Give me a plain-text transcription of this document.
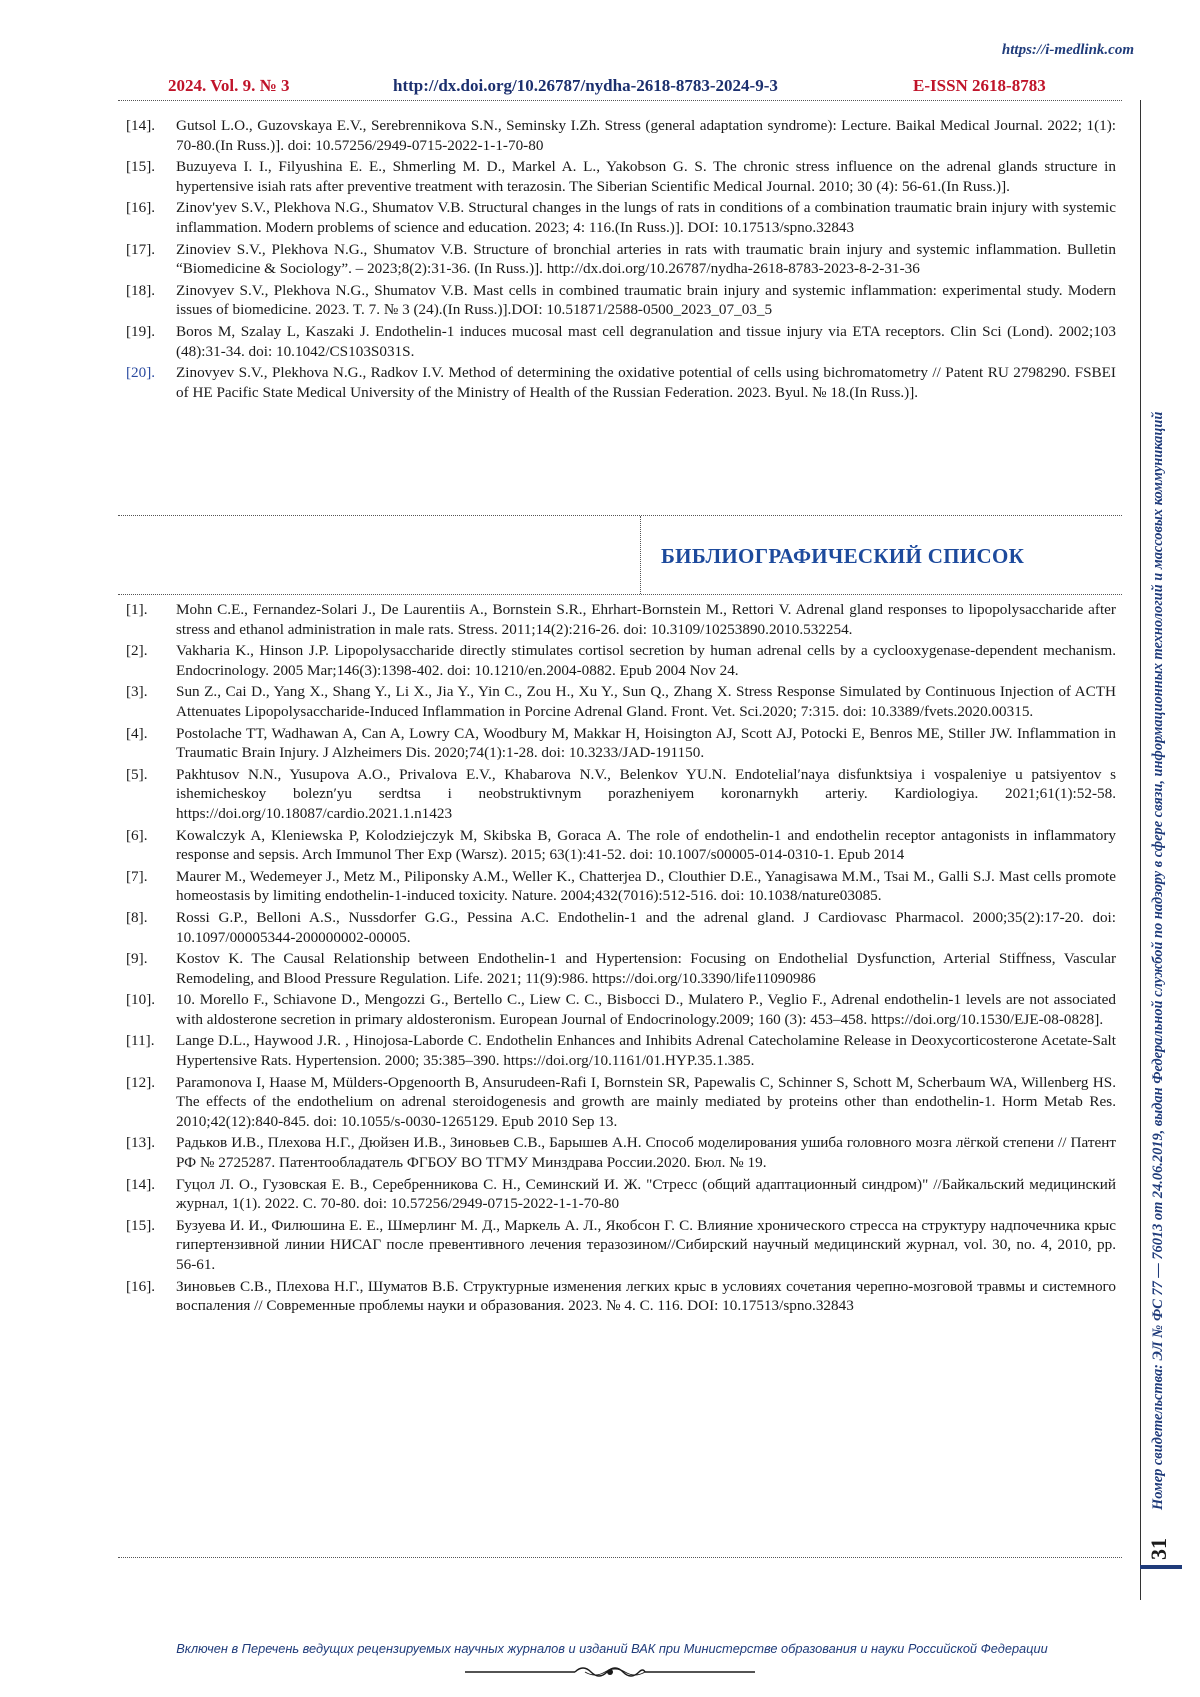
https://i-medlink.com
2024. Vol. 9. № 3	http://dx.doi.org/10.26787/nydha-2618-8783-2024-9-3	E-ISSN 2618-8783
[14].	Gutsol L.O., Guzovskaya E.V., Serebrennikova S.N., Seminsky I.Zh. Stress (general adaptation syndrome): Lecture. Baikal Medical Journal. 2022; 1(1): 70-80.(In Russ.)]. doi: 10.57256/2949-0715-2022-1-1-70-80
[15].	Buzuyeva I. I., Filyushina E. E., Shmerling M. D., Markel A. L., Yakobson G. S. The chronic stress influence on the adrenal glands structure in hypertensive isiah rats after preventive treatment with terazosin. The Siberian Scientific Medical Journal. 2010; 30 (4): 56-61.(In Russ.)].
[16].	Zinov'yev S.V., Plekhova N.G., Shumatov V.B. Structural changes in the lungs of rats in conditions of a combination traumatic brain injury with systemic inflammation. Modern problems of science and education. 2023; 4: 116.(In Russ.)]. DOI: 10.17513/spno.32843
[17].	Zinoviev S.V., Plekhova N.G., Shumatov V.B. Structure of bronchial arteries in rats with traumatic brain injury and systemic inflammation. Bulletin “Biomedicine & Sociology”. – 2023;8(2):31-36. (In Russ.)]. http://dx.doi.org/10.26787/nydha-2618-8783-2023-8-2-31-36
[18].	Zinovyev S.V., Plekhova N.G., Shumatov V.B. Mast cells in combined traumatic brain injury and systemic inflammation: experimental study. Modern issues of biomedicine. 2023. T. 7. № 3 (24).(In Russ.)].DOI: 10.51871/2588-0500_2023_07_03_5
[19].	Boros M, Szalay L, Kaszaki J. Endothelin-1 induces mucosal mast cell degranulation and tissue injury via ETA receptors. Clin Sci (Lond). 2002;103 (48):31-34. doi: 10.1042/CS103S031S.
[20].	Zinovyev S.V., Plekhova N.G., Radkov I.V. Method of determining the oxidative potential of cells using bichromatometry // Patent RU 2798290. FSBEI of HE Pacific State Medical University of the Ministry of Health of the Russian Federation. 2023. Byul. № 18.(In Russ.)].
БИБЛИОГРАФИЧЕСКИЙ СПИСОК
[1].	Mohn C.E., Fernandez-Solari J., De Laurentiis A., Bornstein S.R., Ehrhart-Bornstein M., Rettori V. Adrenal gland responses to lipopolysaccharide after stress and ethanol administration in male rats. Stress. 2011;14(2):216-26. doi: 10.3109/10253890.2010.532254.
[2].	Vakharia K., Hinson J.P. Lipopolysaccharide directly stimulates cortisol secretion by human adrenal cells by a cyclooxygenase-dependent mechanism. Endocrinology. 2005 Mar;146(3):1398-402. doi: 10.1210/en.2004-0882. Epub 2004 Nov 24.
[3].	Sun Z., Cai D., Yang X., Shang Y., Li X., Jia Y., Yin C., Zou H., Xu Y., Sun Q., Zhang X. Stress Response Simulated by Continuous Injection of ACTH Attenuates Lipopolysaccharide-Induced Inflammation in Porcine Adrenal Gland. Front. Vet. Sci.2020; 7:315. doi: 10.3389/fvets.2020.00315.
[4].	Postolache TT, Wadhawan A, Can A, Lowry CA, Woodbury M, Makkar H, Hoisington AJ, Scott AJ, Potocki E, Benros ME, Stiller JW. Inflammation in Traumatic Brain Injury. J Alzheimers Dis. 2020;74(1):1-28. doi: 10.3233/JAD-191150.
[5].	Pakhtusov N.N., Yusupova A.O., Privalova E.V., Khabarova N.V., Belenkov YU.N. Endotelial′naya disfunktsiya i vospaleniye u patsiyentov s ishemicheskoy bolezn′yu serdtsa i neobstruktivnym porazheniyem koronarnykh arteriy. Kardiologiya. 2021;61(1):52-58. https://doi.org/10.18087/cardio.2021.1.n1423
[6].	Kowalczyk A, Kleniewska P, Kolodziejczyk M, Skibska B, Goraca A. The role of endothelin-1 and endothelin receptor antagonists in inflammatory response and sepsis. Arch Immunol Ther Exp (Warsz). 2015; 63(1):41-52. doi: 10.1007/s00005-014-0310-1. Epub 2014
[7].	Maurer M., Wedemeyer J., Metz M., Piliponsky A.M., Weller K., Chatterjea D., Clouthier D.E., Yanagisawa M.M., Tsai M., Galli S.J. Mast cells promote homeostasis by limiting endothelin-1-induced toxicity. Nature. 2004;432(7016):512-516. doi: 10.1038/nature03085.
[8].	Rossi G.P., Belloni A.S., Nussdorfer G.G., Pessina A.C. Endothelin-1 and the adrenal gland. J Cardiovasc Pharmacol. 2000;35(2):17-20. doi: 10.1097/00005344-200000002-00005.
[9].	Kostov K. The Causal Relationship between Endothelin-1 and Hypertension: Focusing on Endothelial Dysfunction, Arterial Stiffness, Vascular Remodeling, and Blood Pressure Regulation. Life. 2021; 11(9):986. https://doi.org/10.3390/life11090986
[10].	10. Morello F., Schiavone D., Mengozzi G., Bertello C., Liew C. C., Bisbocci D., Mulatero P., Veglio F., Adrenal endothelin-1 levels are not associated with aldosterone secretion in primary aldosteronism. European Journal of Endocrinology.2009; 160 (3): 453–458. https://doi.org/10.1530/EJE-08-0828].
[11].	Lange D.L., Haywood J.R. , Hinojosa-Laborde C. Endothelin Enhances and Inhibits Adrenal Catecholamine Release in Deoxycorticosterone Acetate-Salt Hypertensive Rats. Hypertension. 2000; 35:385–390. https://doi.org/10.1161/01.HYP.35.1.385.
[12].	Paramonova I, Haase M, Mülders-Opgenoorth B, Ansurudeen-Rafi I, Bornstein SR, Papewalis C, Schinner S, Schott M, Scherbaum WA, Willenberg HS. The effects of the endothelium on adrenal steroidogenesis and growth are mainly mediated by proteins other than endothelin-1. Horm Metab Res. 2010;42(12):840-845. doi: 10.1055/s-0030-1265129. Epub 2010 Sep 13.
[13].	Радьков И.В., Плехова Н.Г., Дюйзен И.В., Зиновьев С.В., Барышев А.Н. Способ моделирования ушиба головного мозга лёгкой степени // Патент РФ № 2725287. Патентообладатель ФГБОУ ВО ТГМУ Минздрава России.2020. Бюл. № 19.
[14].	Гуцол Л. О., Гузовская Е. В., Серебренникова С. Н., Семинский И. Ж. "Стресс (общий адаптационный синдром)" //Байкальский медицинский журнал, 1(1). 2022. С. 70-80. doi: 10.57256/2949-0715-2022-1-1-70-80
[15].	Бузуева И. И., Филюшина Е. Е., Шмерлинг М. Д., Маркель А. Л., Якобсон Г. С. Влияние хронического стресса на структуру надпочечника крыс гипертензивной линии НИСАГ после превентивного лечения теразозином//Сибирский научный медицинский журнал, vol. 30, no. 4, 2010, pp. 56-61.
[16].	Зиновьев С.В., Плехова Н.Г., Шуматов В.Б. Структурные изменения легких крыс в условиях сочетания черепно-мозговой травмы и системного воспаления // Современные проблемы науки и образования. 2023. № 4. С. 116. DOI: 10.17513/spno.32843	Номер свидетельства: ЭЛ № ФС 77 — 76013 от 24.06.2019, выдан Федеральной службой по надзору в сфере связи, информационных технологий и массовых коммуникаций
31
Включен в Перечень ведущих рецензируемых научных журналов и изданий ВАК при Министерстве образования и науки Российской Федерации
